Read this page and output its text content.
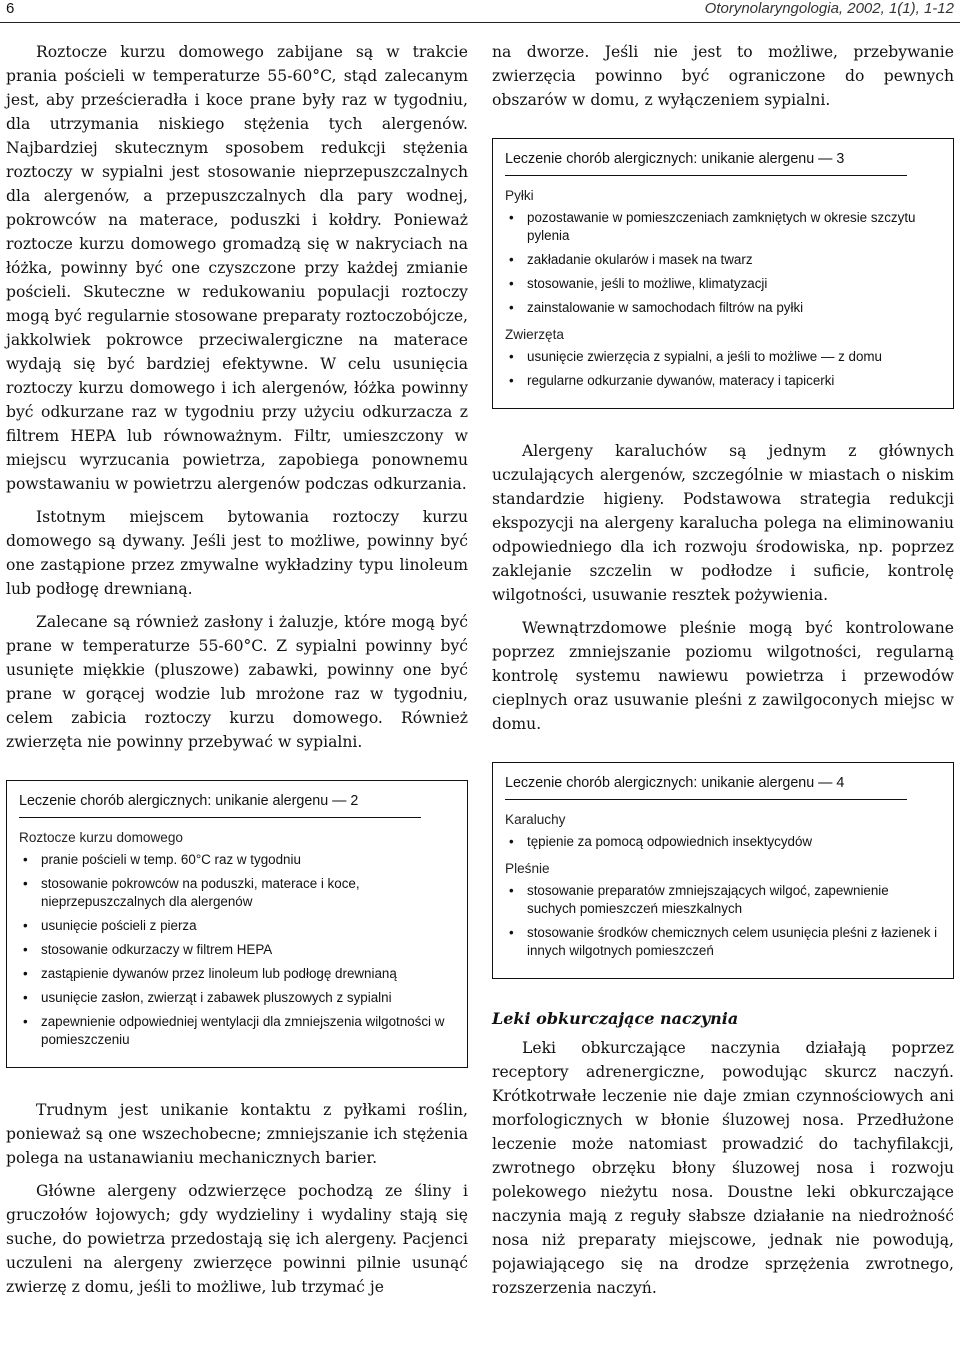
6	Otorynolaryngologia, 2002, 1(1), 1-12

Roztocze kurzu domowego zabijane są w trakcie prania pościeli w temperaturze 55-60°C, stąd zalecanym jest, aby prześcieradła i koce prane były raz w tygodniu, dla utrzymania niskiego stężenia tych alergenów. Najbardziej skutecznym sposobem redukcji stężenia roztoczy w sypialni jest stosowanie nieprzepuszczalnych dla alergenów, a przepuszczalnych dla pary wodnej, pokrowców na materace, poduszki i kołdry. Ponieważ roztocze kurzu domowego gromadzą się w nakryciach na łóżka, powinny być one czyszczone przy każdej zmianie pościeli. Skuteczne w redukowaniu populacji roztoczy mogą być regularnie stosowane preparaty roztoczobójcze, jakkolwiek pokrowce przeciwalergiczne na materace wydają się być bardziej efektywne. W celu usunięcia roztoczy kurzu domowego i ich alergenów, łóżka powinny być odkurzane raz w tygodniu przy użyciu odkurzacza z filtrem HEPA lub równoważnym. Filtr, umieszczony w miejscu wyrzucania powietrza, zapobiega ponownemu powstawaniu w powietrzu alergenów podczas odkurzania.

Istotnym miejscem bytowania roztoczy kurzu domowego są dywany. Jeśli jest to możliwe, powinny być one zastąpione przez zmywalne wykładziny typu linoleum lub podłogę drewnianą.

Zalecane są również zasłony i żaluzje, które mogą być prane w temperaturze 55-60°C. Z sypialni powinny być usunięte miękkie (pluszowe) zabawki, powinny one być prane w gorącej wodzie lub mrożone raz w tygodniu, celem zabicia roztoczy kurzu domowego. Również zwierzęta nie powinny przebywać w sypialni.

Leczenie chorób alergicznych: unikanie alergenu — 2
Roztocze kurzu domowego
• pranie pościeli w temp. 60°C raz w tygodniu
• stosowanie pokrowców na poduszki, materace i koce, nieprzepuszczalnych dla alergenów
• usunięcie pościeli z pierza
• stosowanie odkurzaczy w filtrem HEPA
• zastąpienie dywanów przez linoleum lub podłogę drewnianą
• usunięcie zasłon, zwierząt i zabawek pluszowych z sypialni
• zapewnienie odpowiedniej wentylacji dla zmniejszenia wilgotności w pomieszczeniu

Trudnym jest unikanie kontaktu z pyłkami roślin, ponieważ są one wszechobecne; zmniejszanie ich stężenia polega na ustanawianiu mechanicznych barier.

Główne alergeny odzwierzęce pochodzą ze śliny i gruczołów łojowych; gdy wydzieliny i wydaliny stają się suche, do powietrza przedostają się ich alergeny. Pacjenci uczuleni na alergeny zwierzęce powinni pilnie usunąć zwierzę z domu, jeśli to możliwe, lub trzymać je

na dworze. Jeśli nie jest to możliwe, przebywanie zwierzęcia powinno być ograniczone do pewnych obszarów w domu, z wyłączeniem sypialni.

Leczenie chorób alergicznych: unikanie alergenu — 3
Pyłki
• pozostawanie w pomieszczeniach zamkniętych w okresie szczytu pylenia
• zakładanie okularów i masek na twarz
• stosowanie, jeśli to możliwe, klimatyzacji
• zainstalowanie w samochodach filtrów na pyłki
Zwierzęta
• usunięcie zwierzęcia z sypialni, a jeśli to możliwe — z domu
• regularne odkurzanie dywanów, materacy i tapicerki

Alergeny karaluchów są jednym z głównych uczulających alergenów, szczególnie w miastach o niskim standardzie higieny. Podstawowa strategia redukcji ekspozycji na alergeny karalucha polega na eliminowaniu odpowiedniego dla ich rozwoju środowiska, np. poprzez zaklejanie szczelin w podłodze i suficie, kontrolę wilgotności, usuwanie resztek pożywienia.

Wewnątrzdomowe pleśnie mogą być kontrolowane poprzez zmniejszanie poziomu wilgotności, regularną kontrolę systemu nawiewu powietrza i przewodów cieplnych oraz usuwanie pleśni z zawilgoconych miejsc w domu.

Leczenie chorób alergicznych: unikanie alergenu — 4
Karaluchy
• tępienie za pomocą odpowiednich insektycydów
Pleśnie
• stosowanie preparatów zmniejszających wilgoć, zapewnienie suchych pomieszczeń mieszkalnych
• stosowanie środków chemicznych celem usunięcia pleśni z łazienek i innych wilgotnych pomieszczeń
Leki obkurczające naczynia

Leki obkurczające naczynia działają poprzez receptory adrenergiczne, powodując skurcz naczyń. Krótkotrwałe leczenie nie daje zmian czynnościowych ani morfologicznych w błonie śluzowej nosa. Przedłużone leczenie może natomiast prowadzić do tachyfilakcji, zwrotnego obrzęku błony śluzowej nosa i rozwoju polekowego nieżytu nosa. Doustne leki obkurczające naczynia mają z reguły słabsze działanie na niedrożność nosa niż preparaty miejscowe, jednak nie powodują, pojawiającego się na drodze sprzężenia zwrotnego, rozszerzenia naczyń.
